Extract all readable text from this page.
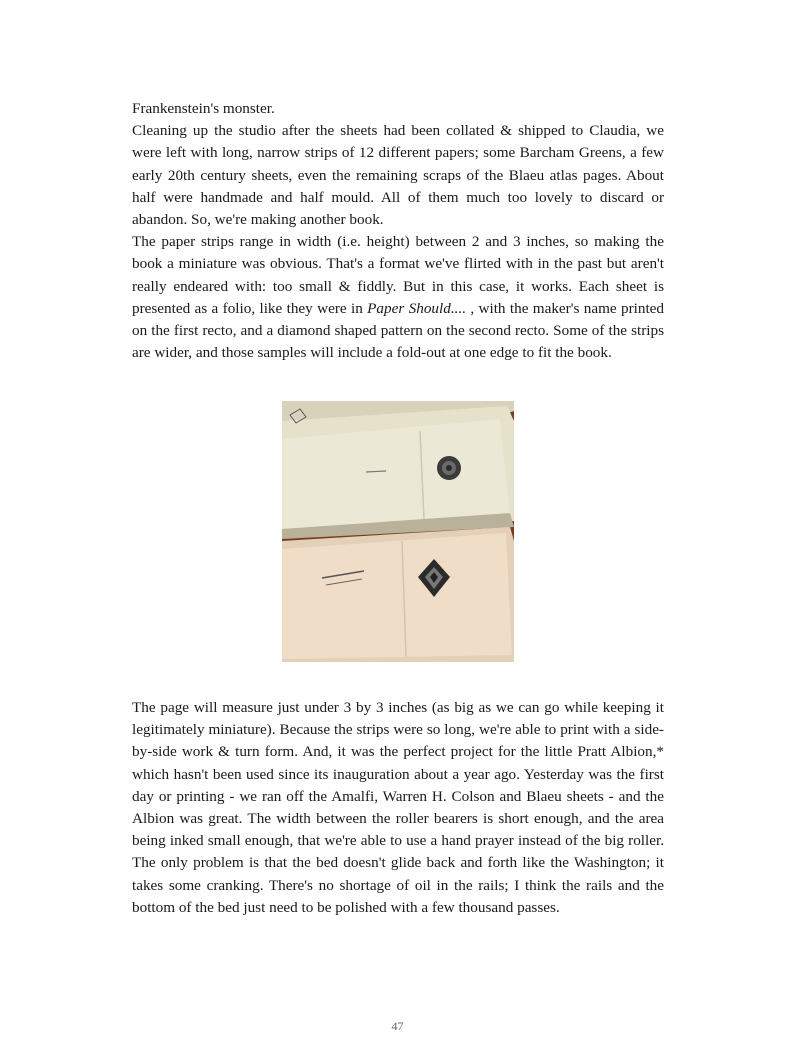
Frankenstein's monster.

Cleaning up the studio after the sheets had been collated & shipped to Claudia, we were left with long, narrow strips of 12 different papers; some Barcham Greens, a few early 20th century sheets, even the remaining scraps of the Blaeu atlas pages. About half were handmade and half mould. All of them much too lovely to discard or abandon. So, we're making another book.

The paper strips range in width (i.e. height) between 2 and 3 inches, so making the book a miniature was obvious. That's a format we've flirted with in the past but aren't really endeared with: too small & fiddly. But in this case, it works. Each sheet is presented as a folio, like they were in Paper Should.... , with the maker's name printed on the first recto, and a diamond shaped pattern on the second recto. Some of the strips are wider, and those samples will include a fold-out at one edge to fit the book.

The page will measure just under 3 by 3 inches (as big as we can go while keeping it legitimately miniature). Because the strips were so long, we're able to print with a side-by-side work & turn form. And, it was the perfect project for the little Pratt Albion,* which hasn't been used since its inauguration about a year ago. Yesterday was the first day or printing - we ran off the Amalfi, Warren H. Colson and Blaeu sheets - and the Albion was great. The width between the roller bearers is short enough, and the area being inked small enough, that we're able to use a hand prayer instead of the big roller. The only problem is that the bed doesn't glide back and forth like the Washington; it takes some cranking. There's no shortage of oil in the rails; I think the rails and the bottom of the bed just need to be polished with a few thousand passes.

47
